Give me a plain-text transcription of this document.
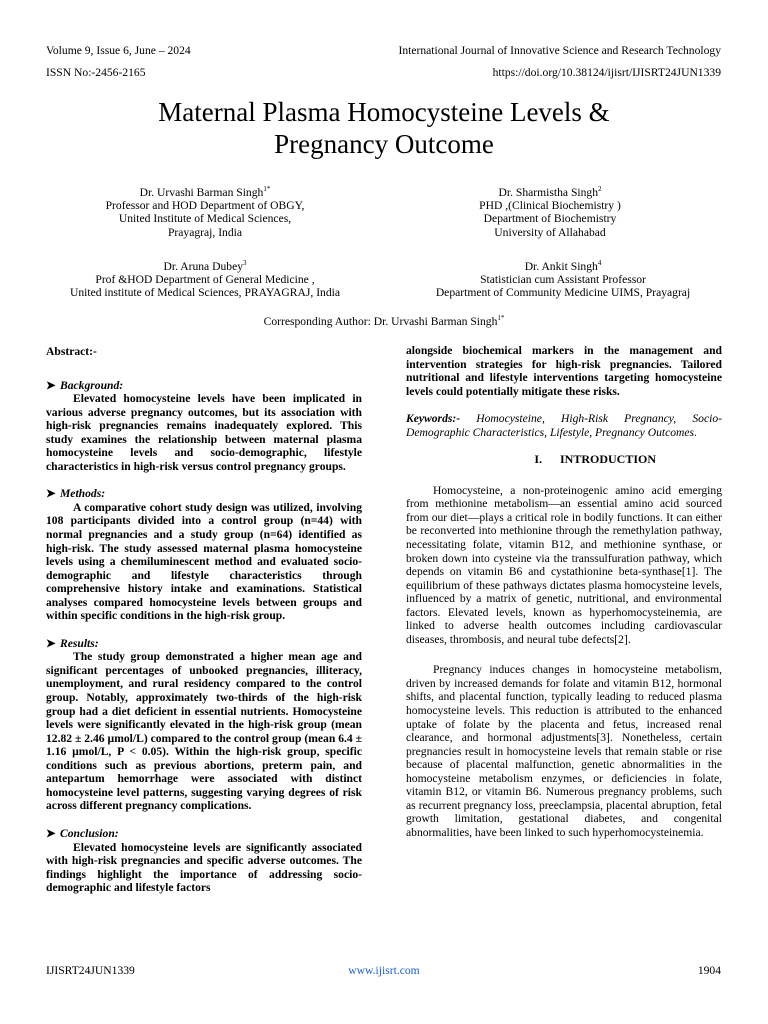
Volume 9, Issue 6, June – 2024
ISSN No:-2456-2165
International Journal of Innovative Science and Research Technology
https://doi.org/10.38124/ijisrt/IJISRT24JUN1339
Maternal Plasma Homocysteine Levels &
Pregnancy Outcome
Dr. Urvashi Barman Singh$^{1*}$
Professor and HOD Department of OBGY,
United Institute of Medical Sciences,
Prayagraj, India
Dr. Sharmistha Singh$^2$
PHD ,(Clinical Biochemistry )
Department of Biochemistry
University of Allahabad
Dr. Aruna Dubey$^3$
Prof &HOD Department of General Medicine ,
United institute of Medical Sciences, PRAYAGRAJ, India
Dr. Ankit Singh$^4$
Statistician cum Assistant Professor
Department of Community Medicine UIMS, Prayagraj
Corresponding Author: Dr. Urvashi Barman Singh$^{1*}$

Abstract:-

➤ Background:

Elevated homocysteine levels have been implicated in various adverse pregnancy outcomes, but its association with high-risk pregnancies remains inadequately explored. This study examines the relationship between maternal plasma homocysteine levels and socio-demographic, lifestyle characteristics in high-risk versus control pregnancy groups.

➤ Methods:

A comparative cohort study design was utilized, involving 108 participants divided into a control group (n=44) with normal pregnancies and a study group (n=64) identified as high-risk. The study assessed maternal plasma homocysteine levels using a chemiluminescent method and evaluated socio-demographic and lifestyle characteristics through comprehensive history intake and examinations. Statistical analyses compared homocysteine levels between groups and within specific conditions in the high-risk group.

➤ Results:

The study group demonstrated a higher mean age and significant percentages of unbooked pregnancies, illiteracy, unemployment, and rural residency compared to the control group. Notably, approximately two-thirds of the high-risk group had a diet deficient in essential nutrients. Homocysteine levels were significantly elevated in the high-risk group (mean 12.82 ± 2.46 µmol/L) compared to the control group (mean 6.4 ± 1.16 µmol/L, P < 0.05). Within the high-risk group, specific conditions such as previous abortions, preterm pain, and antepartum hemorrhage were associated with distinct homocysteine level patterns, suggesting varying degrees of risk across different pregnancy complications.

➤ Conclusion:

Elevated homocysteine levels are significantly associated with high-risk pregnancies and specific adverse outcomes. The findings highlight the importance of addressing socio-demographic and lifestyle factors

alongside biochemical markers in the management and intervention strategies for high-risk pregnancies. Tailored nutritional and lifestyle interventions targeting homocysteine levels could potentially mitigate these risks.

Keywords:- Homocysteine, High-Risk Pregnancy, Socio-Demographic Characteristics, Lifestyle, Pregnancy Outcomes.

I. INTRODUCTION

Homocysteine, a non-proteinogenic amino acid emerging from methionine metabolism—an essential amino acid sourced from our diet—plays a critical role in bodily functions. It can either be reconverted into methionine through the remethylation pathway, necessitating folate, vitamin B12, and methionine synthase, or broken down into cysteine via the transsulfuration pathway, which depends on vitamin B6 and cystathionine beta-synthase[1]. The equilibrium of these pathways dictates plasma homocysteine levels, influenced by a matrix of genetic, nutritional, and environmental factors. Elevated levels, known as hyperhomocysteinemia, are linked to adverse health outcomes including cardiovascular diseases, thrombosis, and neural tube defects[2].

Pregnancy induces changes in homocysteine metabolism, driven by increased demands for folate and vitamin B12, hormonal shifts, and placental function, typically leading to reduced plasma homocysteine levels. This reduction is attributed to the enhanced uptake of folate by the placenta and fetus, increased renal clearance, and hormonal adjustments[3]. Nonetheless, certain pregnancies result in homocysteine levels that remain stable or rise because of placental malfunction, genetic abnormalities in the homocysteine metabolism enzymes, or deficiencies in folate, vitamin B12, or vitamin B6. Numerous pregnancy problems, such as recurrent pregnancy loss, preeclampsia, placental abruption, fetal growth limitation, gestational diabetes, and congenital abnormalities, have been linked to such hyperhomocysteinemia.

IJISRT24JUN1339	www.ijisrt.com	1904
